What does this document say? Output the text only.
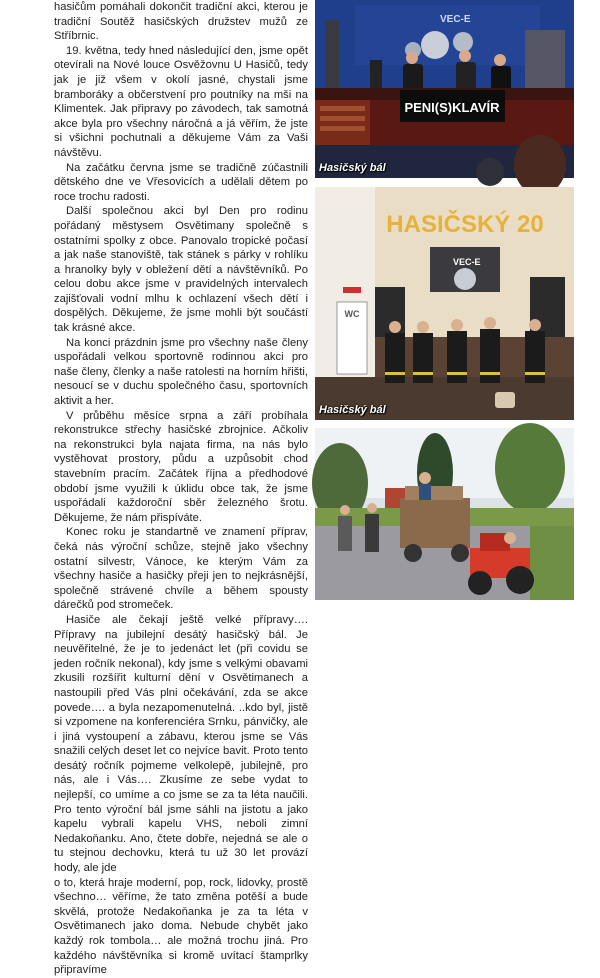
hasičům pomáhali dokončit tradiční akci, kterou je tradiční Soutěž hasičských družstev mužů ze Stříbrnic.

19. května, tedy hned následující den, jsme opět otevírali na Nové louce Osvěžovnu U Hasičů, tedy jak je již všem v okolí jasné, chystali jsme bramboráky a občerstvení pro poutníky na mši na Klimentek. Jak připravy po závodech, tak samotná akce byla pro všechny náročná a já věřím, že jste si všichni pochutnali a děkujeme Vám za Vaši návštěvu.

Na začátku června jsme se tradičně zúčastnili dětského dne ve Vřesovicích a udělali dětem po roce trochu radosti.

Další společnou akci byl Den pro rodinu pořádaný městysem Osvětimany společně s ostatními spolky z obce. Panovalo tropické počasí a jak naše stanoviště, tak stánek s párky v rohlíku a hranolky byly v obležení dětí a návštěvníků. Po celou dobu akce jsme v pravidelných intervalech zajišťovali vodní mlhu k ochlazení všech dětí i dospělých. Děkujeme, že jsme mohli být součástí tak krásné akce.

Na konci prázdnin jsme pro všechny naše členy uspořádali velkou sportovně rodinnou akci pro naše členy, členky a naše ratolesti na horním hřišti, nesoucí se v duchu společného času, sportovních aktivit a her.

V průběhu měsíce srpna a září probíhala rekonstrukce střechy hasičské zbrojnice. Ačkoliv na rekonstrukci byla najata firma, na nás bylo vystěhovat prostory, půdu a uzpůsobit chod stavebním pracím. Začátek října a předhodové období jsme využili k úklidu obce tak, že jsme uspořádali každoroční sběr železného šrotu. Děkujeme, že nám přispíváte.

Konec roku je standartně ve znamení příprav, čeká nás výroční schůze, stejně jako všechny ostatní silvestr, Vánoce, ke kterým Vám za všechny hasiče a hasičky přeji jen to nejkrásnější, společně strávené chvíle a během spousty dárečků pod stromeček.

Hasiče ale čekají ještě velké přípravy…. Přípravy na jubilejní desátý hasičský bál. Je neuvěřitelné, že je to jedenáct let (při covidu se jeden ročník nekonal), kdy jsme s velkými obavami zkusili rozšířit kulturní dění v Osvětimanech a nastoupili před Vás plni očekávání, zda se akce povede…. a byla nezapomenutelná. ..kdo byl, jistě si vzpomene na konferenciéra Srnku, pánvičky, ale i jiná vystoupení a zábavu, kterou jsme se Vás snažili celých deset let co nejvíce bavit. Proto tento desátý ročník pojmeme velkolepě, jubilejně, pro nás, ale i Vás…. Zkusíme ze sebe vydat to nejlepší, co umíme a co jsme se za ta léta naučili. Pro tento výroční bál jsme sáhli na jistotu a jako kapelu vybrali kapelu VHS, neboli zimní Nedakoňanku. Ano, čtete dobře, nejedná se ale o tu stejnou dechovku, která tu už 30 let provází hody, ale jde

o to, která hraje moderní, pop, rock, lidovky, prostě všechno… věříme, že tato změna potěší a bude skvělá, protože Nedakoňanka je za ta léta v Osvětimanech jako doma. Nebude chybět jako každý rok tombola… ale možná trochu jiná. Pro každého návštěvníka si kromě uvítací štamprlky připravíme

VEC-E
PENI(S)KLAVÍR
Hasičský bál
HASIČSKÝ 20
VEC-E
WC
Hasičský bál
